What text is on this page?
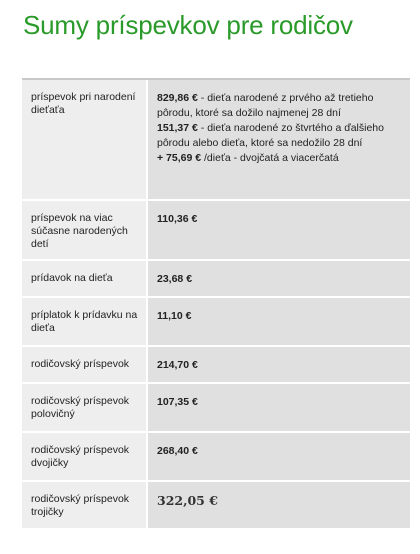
Sumy príspevkov pre rodičov
príspevok pri narodení dieťaťa
829,86 € - dieťa narodené z prvého až tretieho pôrodu, ktoré sa dožilo najmenej 28 dní
151,37 € - dieťa narodené zo štvrtého a ďalšieho pôrodu alebo dieťa, ktoré sa nedožilo 28 dní
+ 75,69 € /dieťa - dvojčatá a viacerčatá
príspevok na viac súčasne narodených detí
110,36 €
prídavok na dieťa	23,68 €
príplatok k prídavku na dieťa
11,10 €
rodičovský príspevok	214,70 €
rodičovský príspevok polovičný
107,35 €
rodičovský príspevok dvojičky
268,40 €
rodičovský príspevok trojičky
322,05 €
